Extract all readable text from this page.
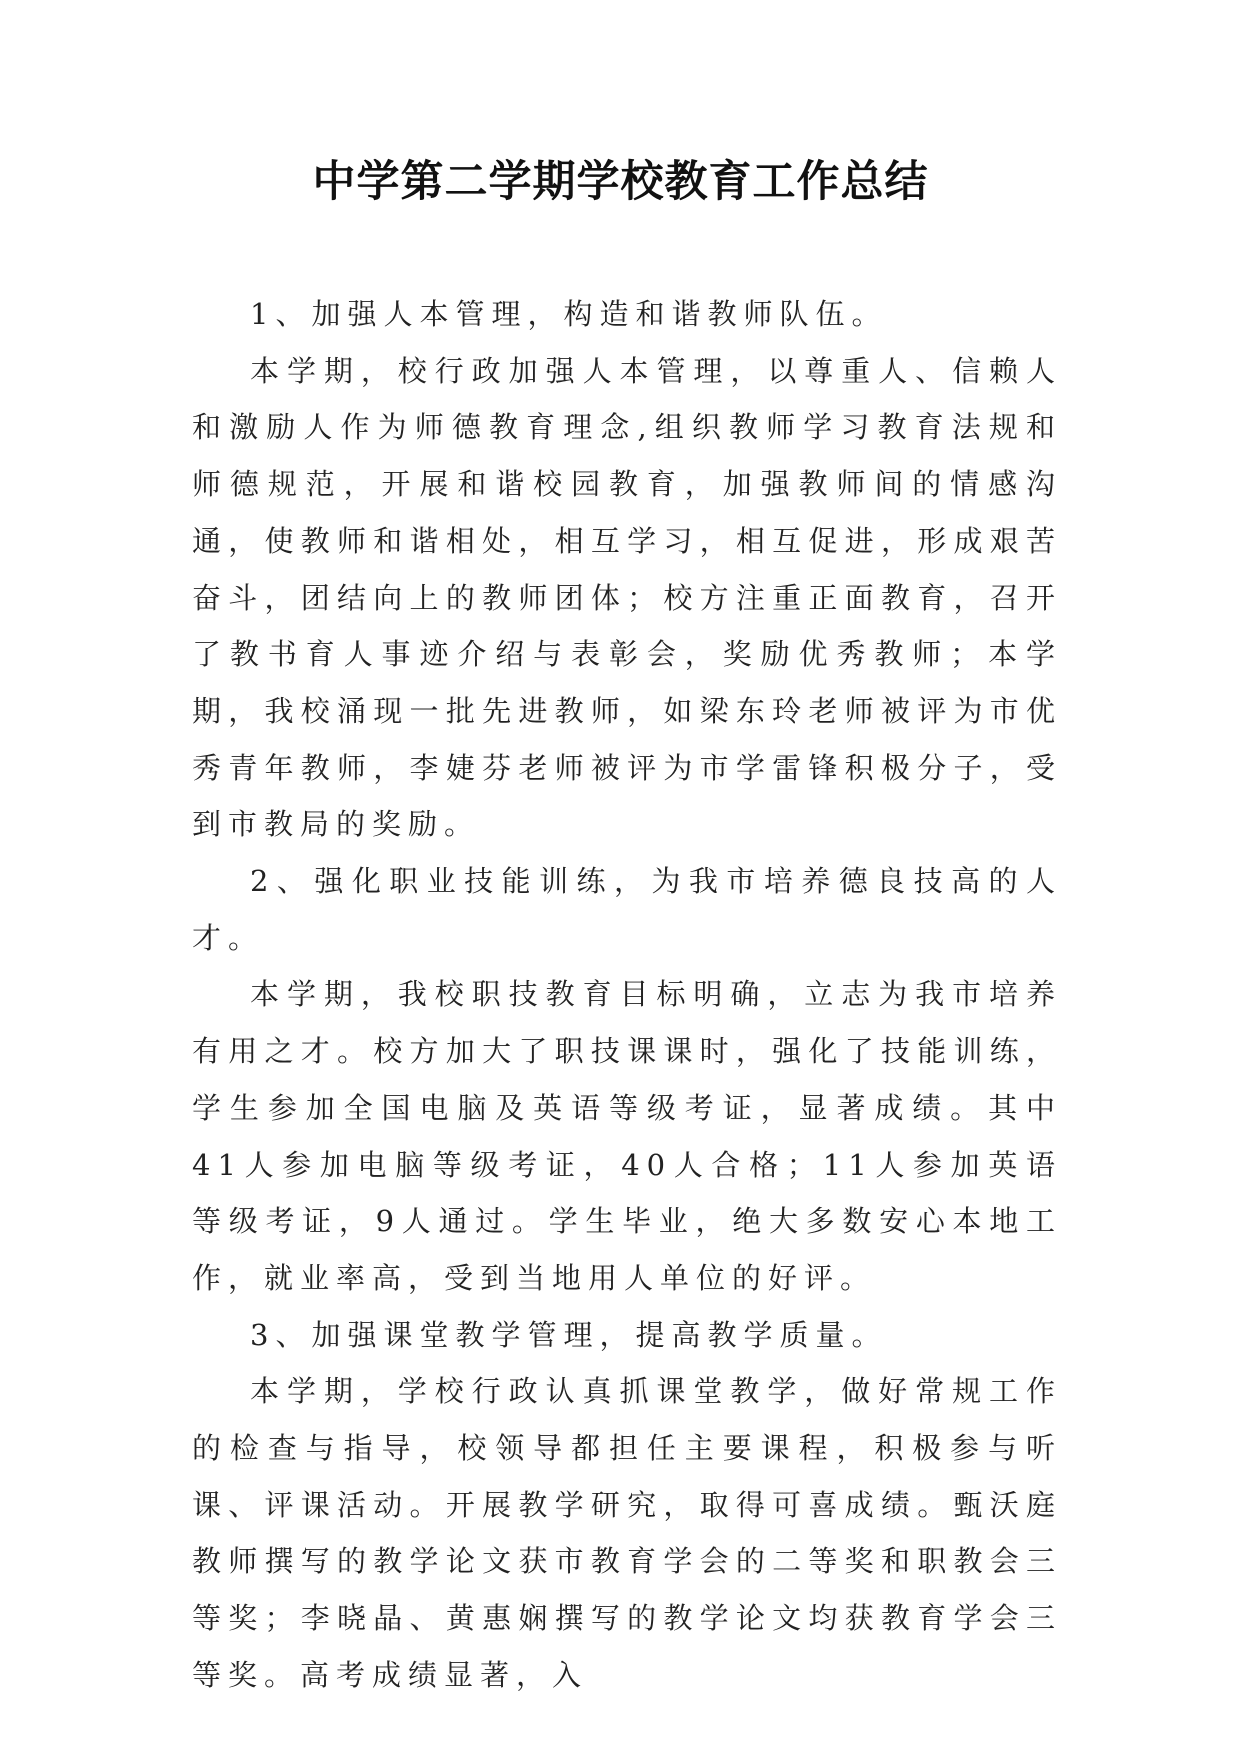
中学第二学期学校教育工作总结

1、加强人本管理，构造和谐教师队伍。

本学期，校行政加强人本管理，以尊重人、信赖人和激励人作为师德教育理念,组织教师学习教育法规和师德规范，开展和谐校园教育，加强教师间的情感沟通，使教师和谐相处，相互学习，相互促进，形成艰苦奋斗，团结向上的教师团体；校方注重正面教育，召开了教书育人事迹介绍与表彰会，奖励优秀教师；本学期，我校涌现一批先进教师，如梁东玲老师被评为市优秀青年教师，李婕芬老师被评为市学雷锋积极分子，受到市教局的奖励。

2、强化职业技能训练，为我市培养德良技高的人才。

本学期，我校职技教育目标明确，立志为我市培养有用之才。校方加大了职技课课时，强化了技能训练，学生参加全国电脑及英语等级考证，显著成绩。其中41人参加电脑等级考证，40人合格；11人参加英语等级考证，9人通过。学生毕业，绝大多数安心本地工作，就业率高，受到当地用人单位的好评。

3、加强课堂教学管理，提高教学质量。

本学期，学校行政认真抓课堂教学，做好常规工作的检查与指导，校领导都担任主要课程，积极参与听课、评课活动。开展教学研究，取得可喜成绩。甄沃庭教师撰写的教学论文获市教育学会的二等奖和职教会三等奖；李晓晶、黄惠娴撰写的教学论文均获教育学会三等奖。高考成绩显著，入
